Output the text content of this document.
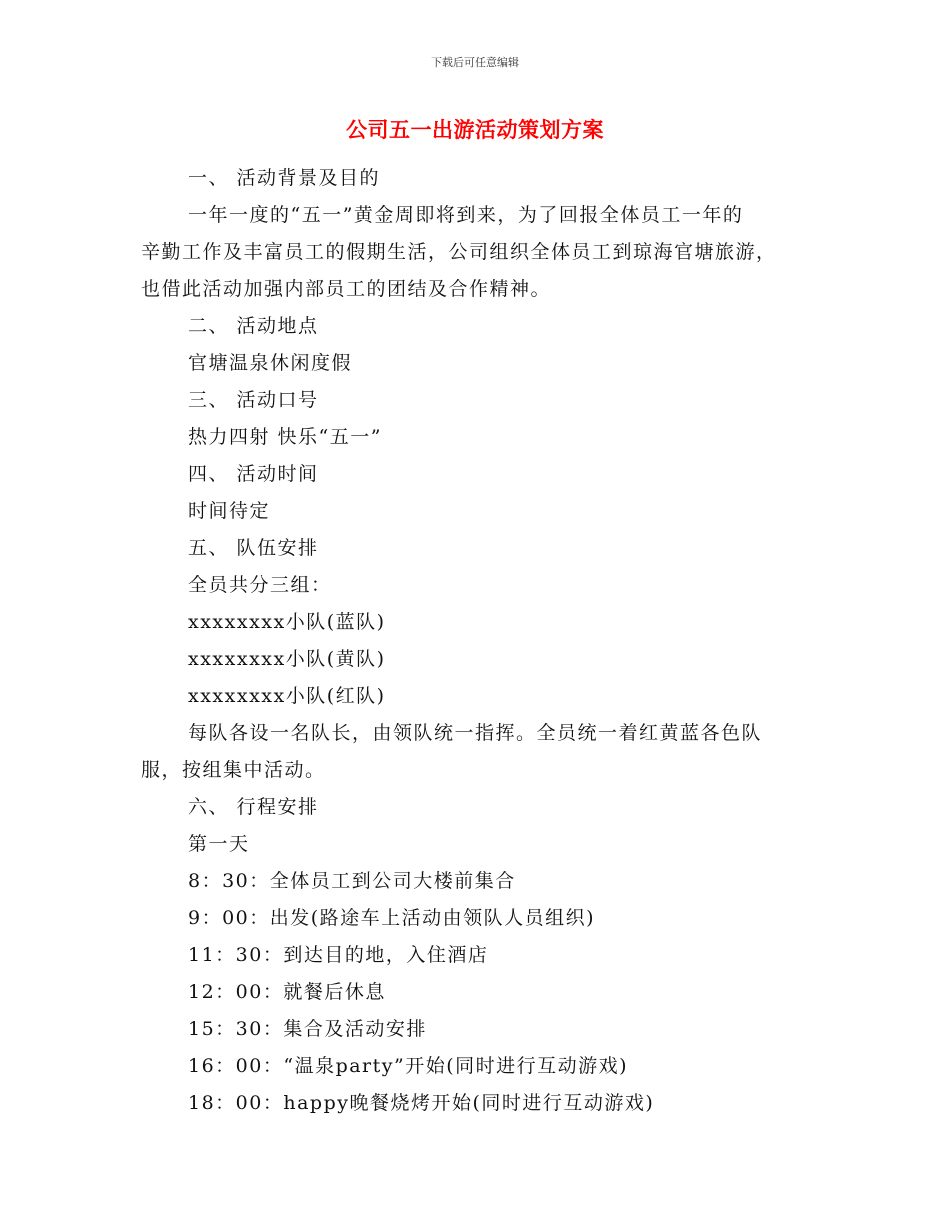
下载后可任意编辑
公司五一出游活动策划方案
一、 活动背景及目的
一年一度的“五一”黄金周即将到来，为了回报全体员工一年的
辛勤工作及丰富员工的假期生活，公司组织全体员工到琼海官塘旅游，
也借此活动加强内部员工的团结及合作精神。
二、 活动地点
官塘温泉休闲度假
三、 活动口号
热力四射 快乐“五一”
四、 活动时间
时间待定
五、 队伍安排
全员共分三组：
xxxxxxxx小队(蓝队)
xxxxxxxx小队(黄队)
xxxxxxxx小队(红队)
每队各设一名队长，由领队统一指挥。全员统一着红黄蓝各色队
服，按组集中活动。
六、 行程安排
第一天
8：30：全体员工到公司大楼前集合
9：00：出发(路途车上活动由领队人员组织)
11：30：到达目的地，入住酒店
12：00：就餐后休息
15：30：集合及活动安排
16：00：“温泉party”开始(同时进行互动游戏)
18：00：happy晚餐烧烤开始(同时进行互动游戏)
